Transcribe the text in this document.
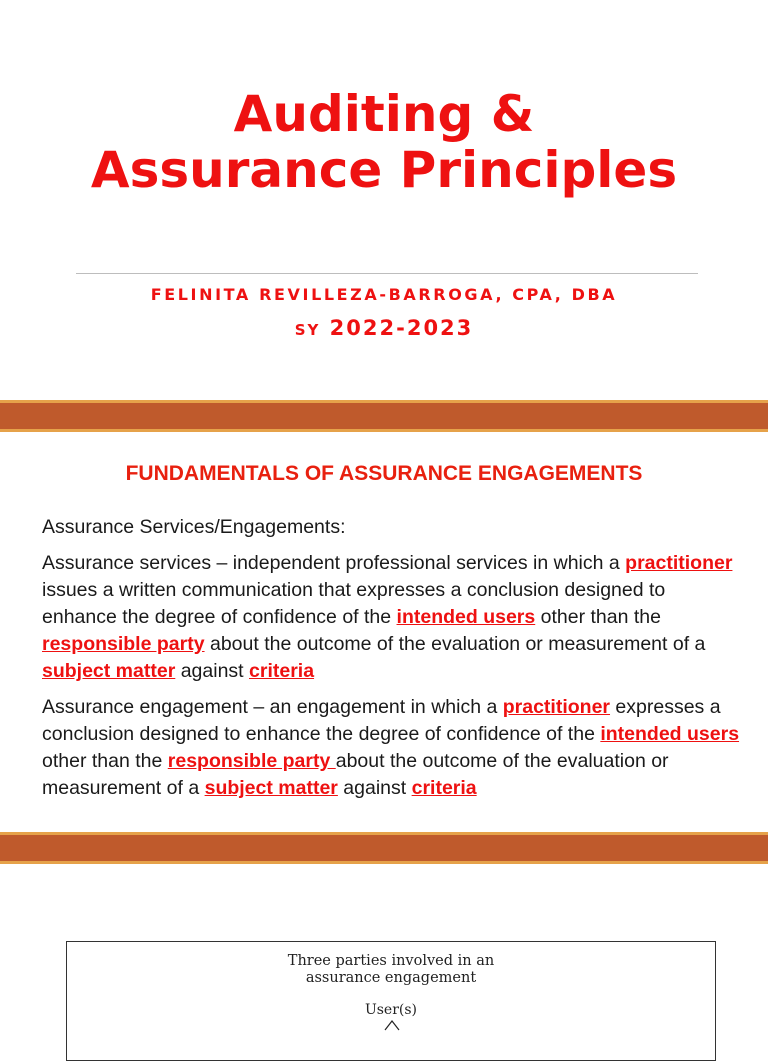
Auditing &
Assurance Principles
FELINITA REVILLEZA-BARROGA, CPA, DBA
SY 2022-2023
FUNDAMENTALS OF ASSURANCE ENGAGEMENTS
Assurance Services/Engagements:
Assurance services – independent professional services in which a practitioner issues a written communication that expresses a conclusion designed to enhance the degree of confidence of the intended users other than the responsible party about the outcome of the evaluation or measurement of a subject matter against criteria
Assurance engagement – an engagement in which a practitioner expresses a conclusion designed to enhance the degree of confidence of the intended users other than the responsible party about the outcome of the evaluation or measurement of a subject matter against criteria
Three parties involved in an
assurance engagement
User(s)
